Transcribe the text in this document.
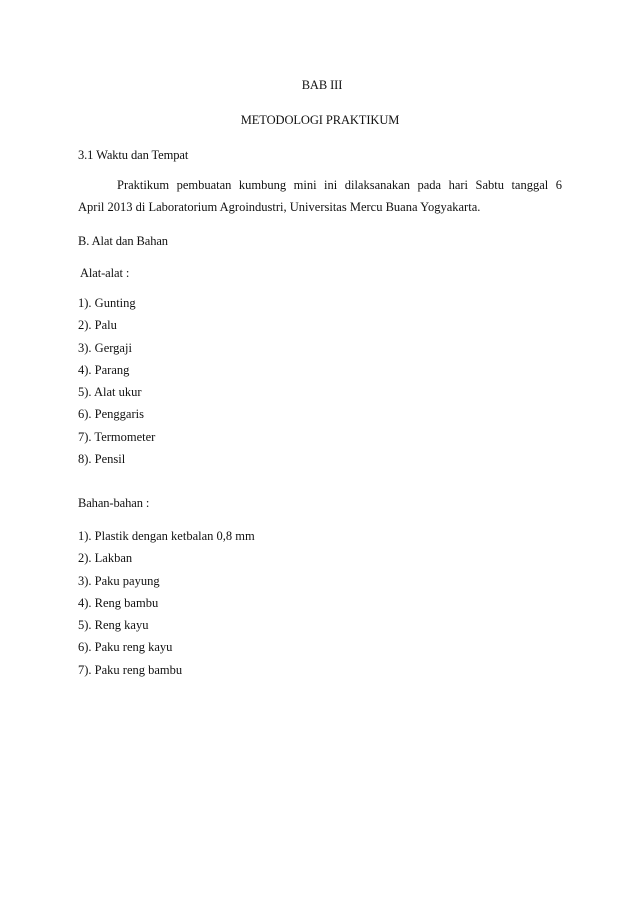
BAB III
METODOLOGI PRAKTIKUM
3.1 Waktu dan Tempat
Praktikum pembuatan kumbung mini ini dilaksanakan pada hari Sabtu tanggal 6
April 2013 di Laboratorium Agroindustri, Universitas Mercu Buana Yogyakarta.
B. Alat dan Bahan
Alat-alat :
1). Gunting
2). Palu
3). Gergaji
4). Parang
5). Alat ukur
6). Penggaris
7). Termometer
8). Pensil
Bahan-bahan :
1). Plastik dengan ketbalan 0,8 mm
2). Lakban
3). Paku payung
4). Reng bambu
5). Reng kayu
6). Paku reng kayu
7). Paku reng bambu
